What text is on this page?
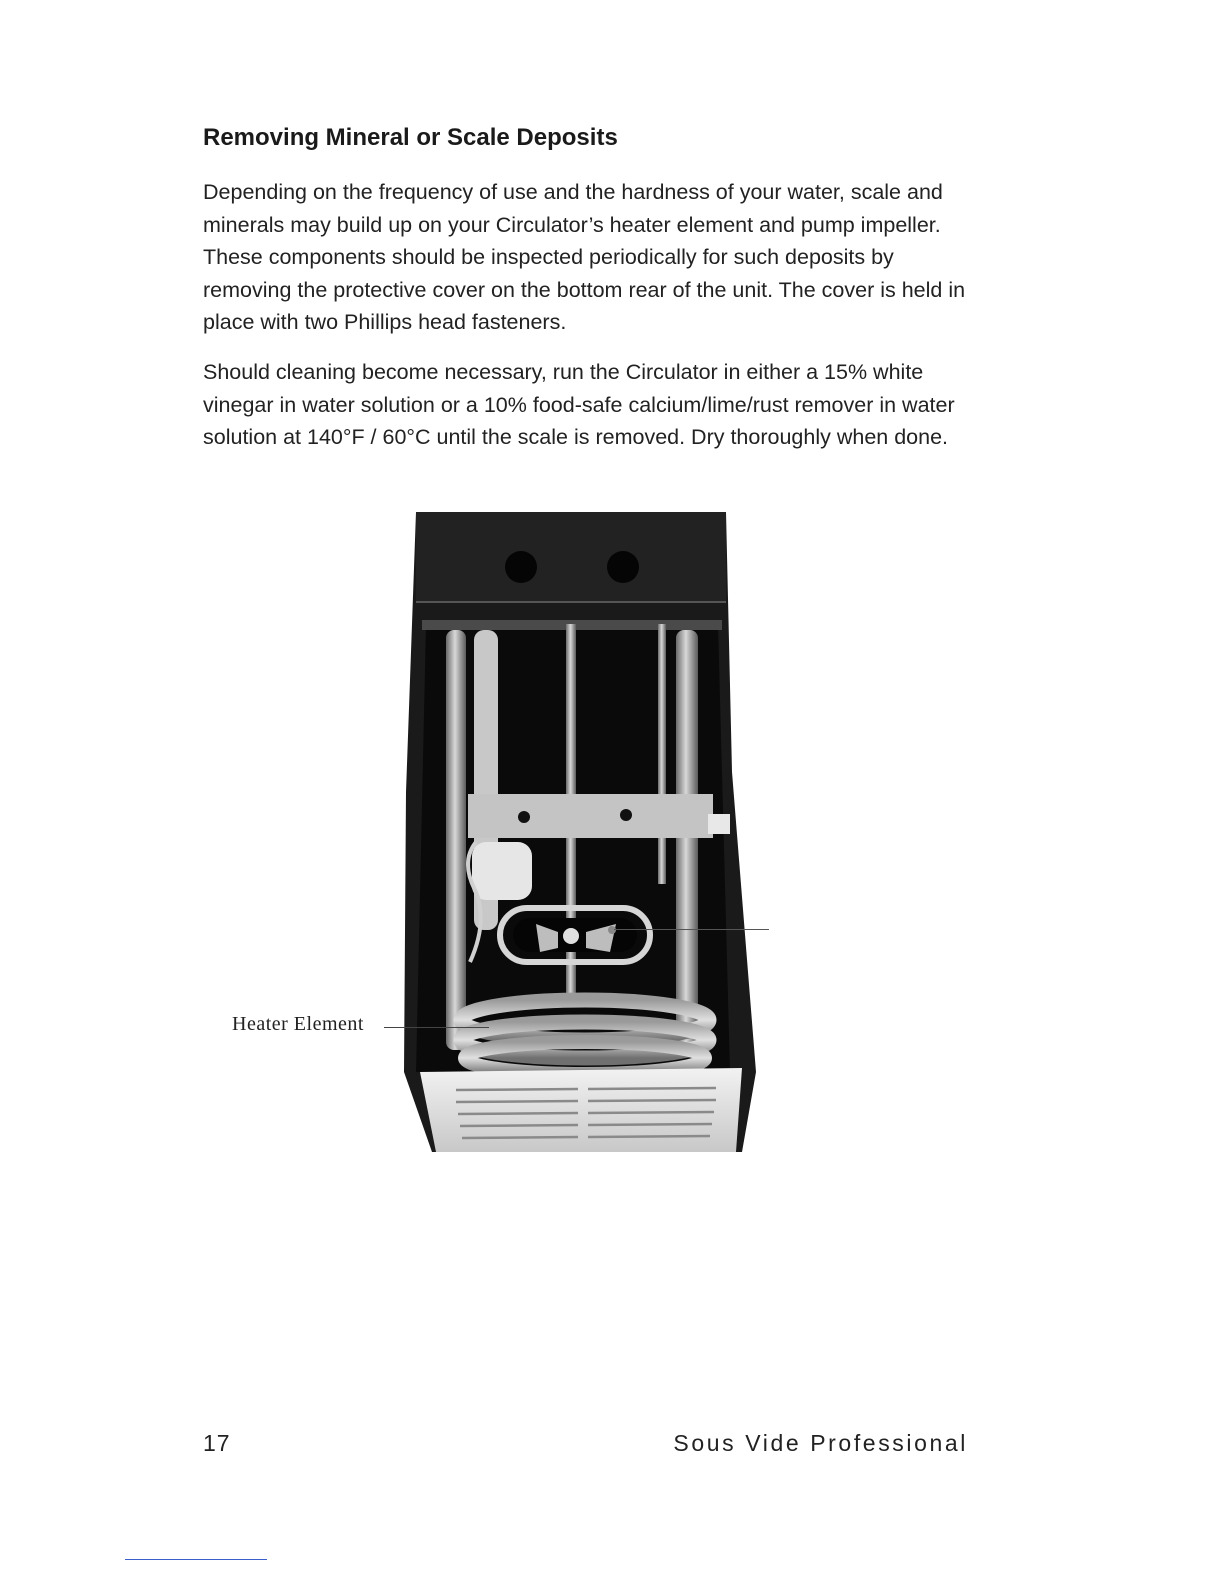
Removing Mineral or Scale Deposits

Depending on the frequency of use and the hardness of your water, scale and minerals may build up on your Circulator’s heater element and pump impeller. These components should be inspected periodically for such deposits by removing the protective cover on the bottom rear of the unit. The cover is held in place with two Phillips head fasteners.

Should cleaning become necessary, run the Circulator in either a 15% white vinegar in water solution or a 10% food-safe calcium/lime/rust remover in water solution at 140°F / 60°C until the scale is removed. Dry thoroughly when done.

Heater Element
17	Sous Vide Professional
